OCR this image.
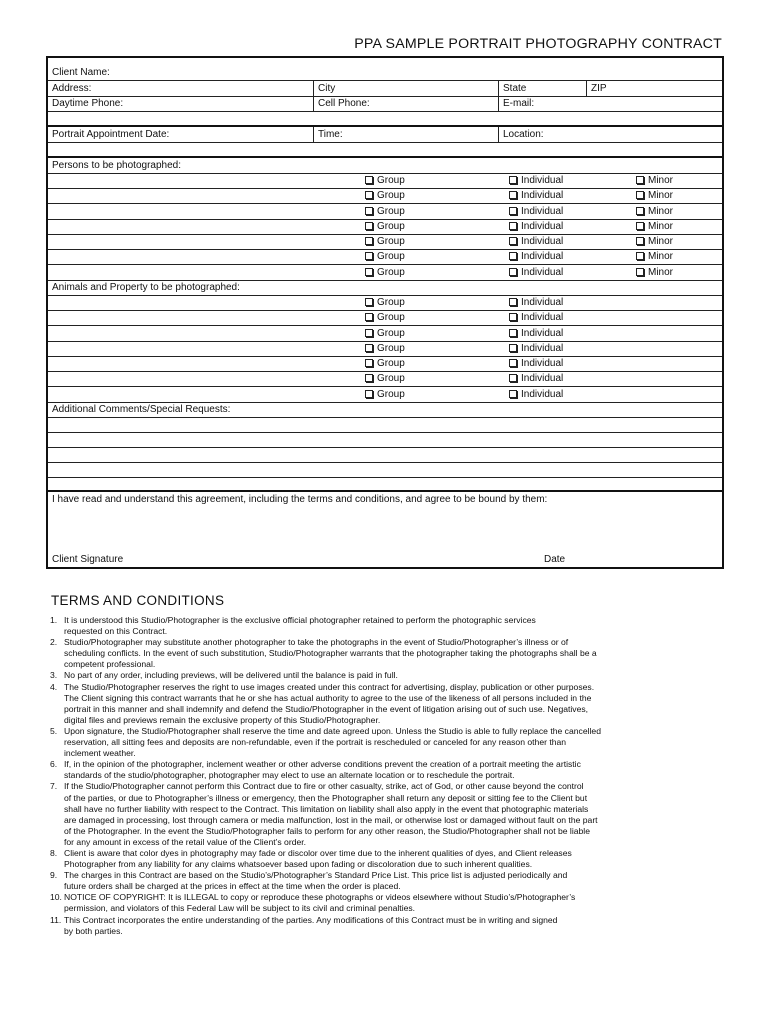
PPA SAMPLE PORTRAIT PHOTOGRAPHY CONTRACT
Client Name:
Address:	City	State	ZIP
Daytime Phone:	Cell Phone:	E-mail:
Portrait Appointment Date:	Time:	Location:
Persons to be photographed:
Group	Individual	Minor
Group	Individual	Minor
Group	Individual	Minor
Group	Individual	Minor
Group	Individual	Minor
Group	Individual	Minor
Group	Individual	Minor
Animals and Property to be photographed:
Group	Individual
Group	Individual
Group	Individual
Group	Individual
Group	Individual
Group	Individual
Group	Individual
Additional Comments/Special Requests:
I have read and understand this agreement, including the terms and conditions, and agree to be bound by them:
Client Signature	Date
TERMS AND CONDITIONS
1. It is understood this Studio/Photographer is the exclusive official photographer retained to perform the photographic services
requested on this Contract.
2. Studio/Photographer may substitute another photographer to take the photographs in the event of Studio/Photographer’s illness or of
scheduling conflicts. In the event of such substitution, Studio/Photographer warrants that the photographer taking the photographs shall be a
competent professional.
3. No part of any order, including previews, will be delivered until the balance is paid in full.
4. The Studio/Photographer reserves the right to use images created under this contract for advertising, display, publication or other purposes.
The Client signing this contract warrants that he or she has actual authority to agree to the use of the likeness of all persons included in the
portrait in this manner and shall indemnify and defend the Studio/Photographer in the event of litigation arising out of such use. Negatives,
digital files and previews remain the exclusive property of this Studio/Photographer.
5. Upon signature, the Studio/Photographer shall reserve the time and date agreed upon. Unless the Studio is able to fully replace the cancelled
reservation, all sitting fees and deposits are non-refundable, even if the portrait is rescheduled or canceled for any reason other than
inclement weather.
6. If, in the opinion of the photographer, inclement weather or other adverse conditions prevent the creation of a portrait meeting the artistic
standards of the studio/photographer, photographer may elect to use an alternate location or to reschedule the portrait.
7. If the Studio/Photographer cannot perform this Contract due to fire or other casualty, strike, act of God, or other cause beyond the control
of the parties, or due to Photographer’s illness or emergency, then the Photographer shall return any deposit or sitting fee to the Client but
shall have no further liability with respect to the Contract. This limitation on liability shall also apply in the event that photographic materials
are damaged in processing, lost through camera or media malfunction, lost in the mail, or otherwise lost or damaged without fault on the part
of the Photographer. In the event the Studio/Photographer fails to perform for any other reason, the Studio/Photographer shall not be liable
for any amount in excess of the retail value of the Client’s order.
8. Client is aware that color dyes in photography may fade or discolor over time due to the inherent qualities of dyes, and Client releases
Photographer from any liability for any claims whatsoever based upon fading or discoloration due to such inherent qualities.
9. The charges in this Contract are based on the Studio’s/Photographer’s Standard Price List. This price list is adjusted periodically and
future orders shall be charged at the prices in effect at the time when the order is placed.
10. NOTICE OF COPYRIGHT: It is ILLEGAL to copy or reproduce these photographs or videos elsewhere without Studio’s/Photographer’s
permission, and violators of this Federal Law will be subject to its civil and criminal penalties.
11. This Contract incorporates the entire understanding of the parties. Any modifications of this Contract must be in writing and signed
by both parties.
